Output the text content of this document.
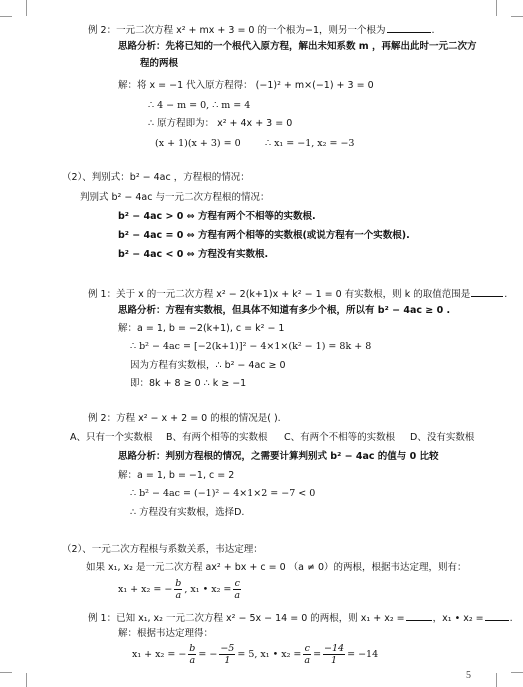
例 2：一元二次方程 x² + mx + 3 = 0 的一个根为−1，则另一个根为	.
思路分析：先将已知的一个根代入原方程，解出未知系数 m ，再解出此时一元二次方
程的两根
解：将 x = −1 代入原方程得： (−1)² + m×(−1) + 3 = 0
∴ 4 − m = 0, ∴ m = 4
∴ 原方程即为： x² + 4x + 3 = 0
(x + 1)(x + 3) = 0	∴ x₁ = −1, x₂ = −3
（2）、判别式：b² − 4ac ，方程根的情况：
判别式 b² − 4ac 与一元二次方程根的情况：
b² − 4ac > 0 ⇔ 方程有两个不相等的实数根.
b² − 4ac = 0 ⇔ 方程有两个相等的实数根(或说方程有一个实数根).
b² − 4ac < 0 ⇔ 方程没有实数根.
例 1：关于 x 的一元二次方程 x² − 2(k+1)x + k² − 1 = 0 有实数根，则 k 的取值范围是	.
思路分析：方程有实数根，但具体不知道有多少个根，所以有 b² − 4ac ≥ 0 .
解：a = 1, b = −2(k+1), c = k² − 1
∴ b² − 4ac = [−2(k+1)]² − 4×1×(k² − 1) = 8k + 8
因为方程有实数根，∴ b² − 4ac ≥ 0
即：8k + 8 ≥ 0 ∴ k ≥ −1
例 2：方程 x² − x + 2 = 0 的根的情况是( ).
A、只有一个实数根 B、有两个相等的实数根 C、有两个不相等的实数根 D、没有实数根
思路分析：判别方程根的情况，之需要计算判别式 b² − 4ac 的值与 0 比较
解：a = 1, b = −1, c = 2
∴ b² − 4ac = (−1)² − 4×1×2 = −7 < 0
∴ 方程没有实数根，选择D.
（2）、一元二次方程根与系数关系，韦达定理：
如果 x₁, x₂ 是一元二次方程 ax² + bx + c = 0 （a ≠ 0）的两根，根据韦达定理，则有：
x₁ + x₂ = − $\frac{b}{a}$ , x₁ • $x_2 = \frac{c}{a}$
例 1：已知 x₁, x₂ 一元二次方程 x² − 5x − 14 = 0 的两根，则 x₁ + x₂ =	，x₁ • x₂ =	.
解：根据韦达定理得：
x₁ + x₂ = − $\frac{b}{a}$ = − $\frac{-5}{1} = 5$, x₁ • $x_2 = \frac{c}{a} = \frac{-14}{1} = -14$
5
